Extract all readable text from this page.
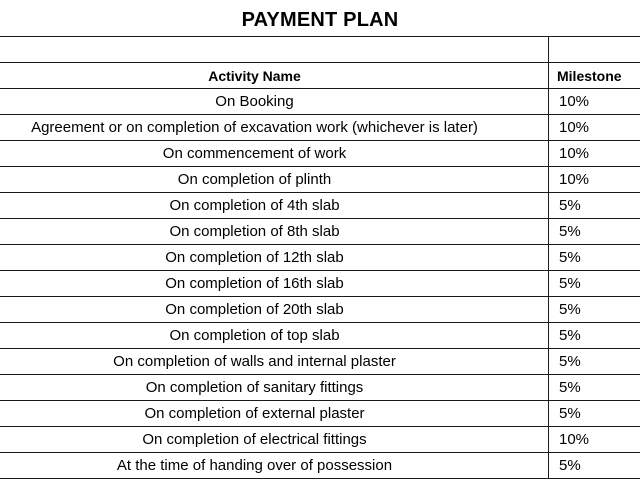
PAYMENT PLAN

Activity Name	Milestone
On Booking	10%
Agreement or on completion of excavation work (whichever is later)	10%
On commencement of work	10%
On completion of plinth	10%
On completion of 4th slab	5%
On completion of 8th slab	5%
On completion of 12th slab	5%
On completion of 16th slab	5%
On completion of 20th slab	5%
On completion of top slab	5%
On completion of walls and internal plaster	5%
On completion of sanitary fittings	5%
On completion of external plaster	5%
On completion of electrical fittings	10%
At the time of handing over of possession	5%
